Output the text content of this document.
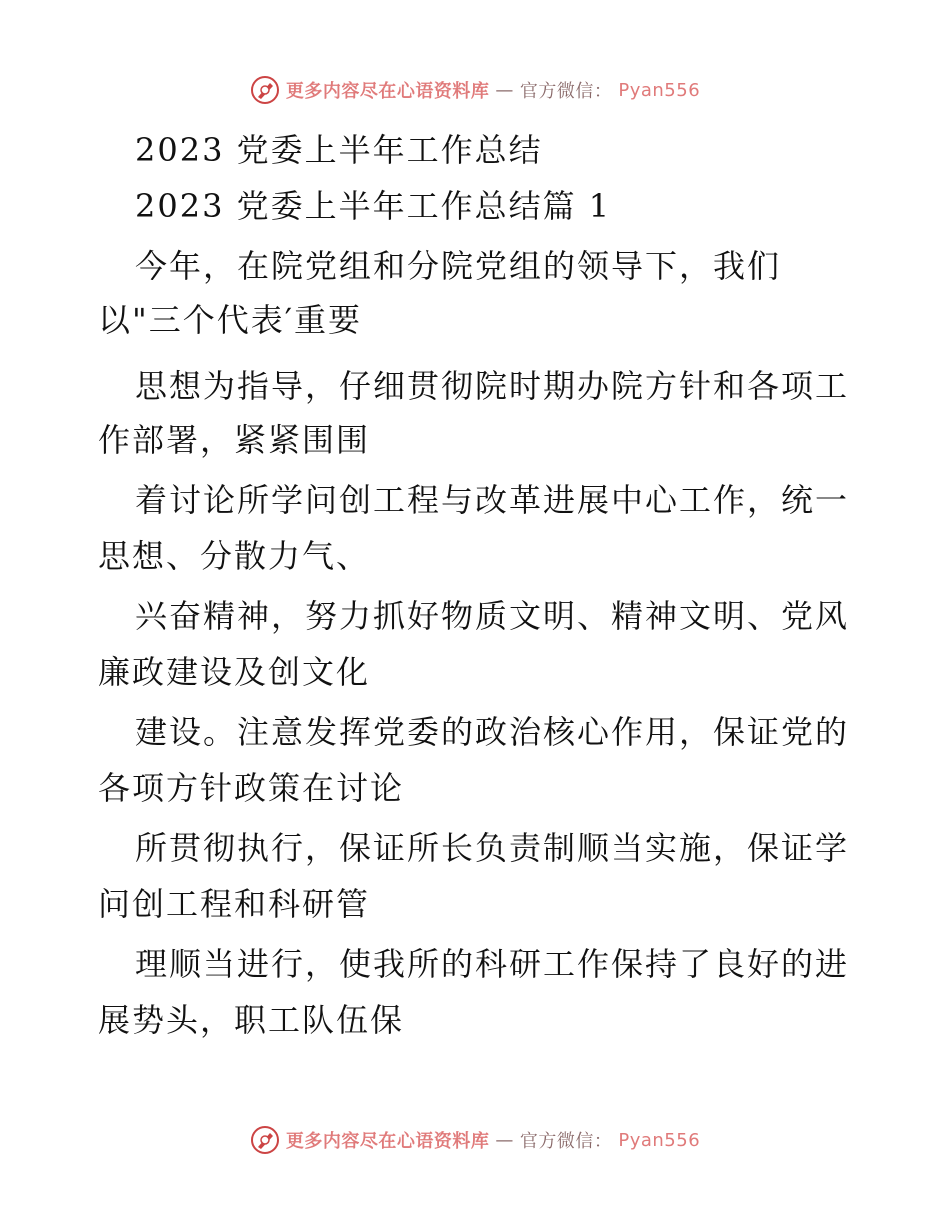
更多内容尽在心语资料库 — 官方微信： Pyan556
2023 党委上半年工作总结
2023 党委上半年工作总结篇 1
今年，在院党组和分院党组的领导下，我们
以"三个代表′重要
思想为指导，仔细贯彻院时期办院方针和各项工
作部署，紧紧围围
着讨论所学问创工程与改革进展中心工作，统一
思想、分散力气、
兴奋精神，努力抓好物质文明、精神文明、党风
廉政建设及创文化
建设。注意发挥党委的政治核心作用，保证党的
各项方针政策在讨论
所贯彻执行，保证所长负责制顺当实施，保证学
问创工程和科研管
理顺当进行，使我所的科研工作保持了良好的进
展势头，职工队伍保
更多内容尽在心语资料库 — 官方微信： Pyan556
